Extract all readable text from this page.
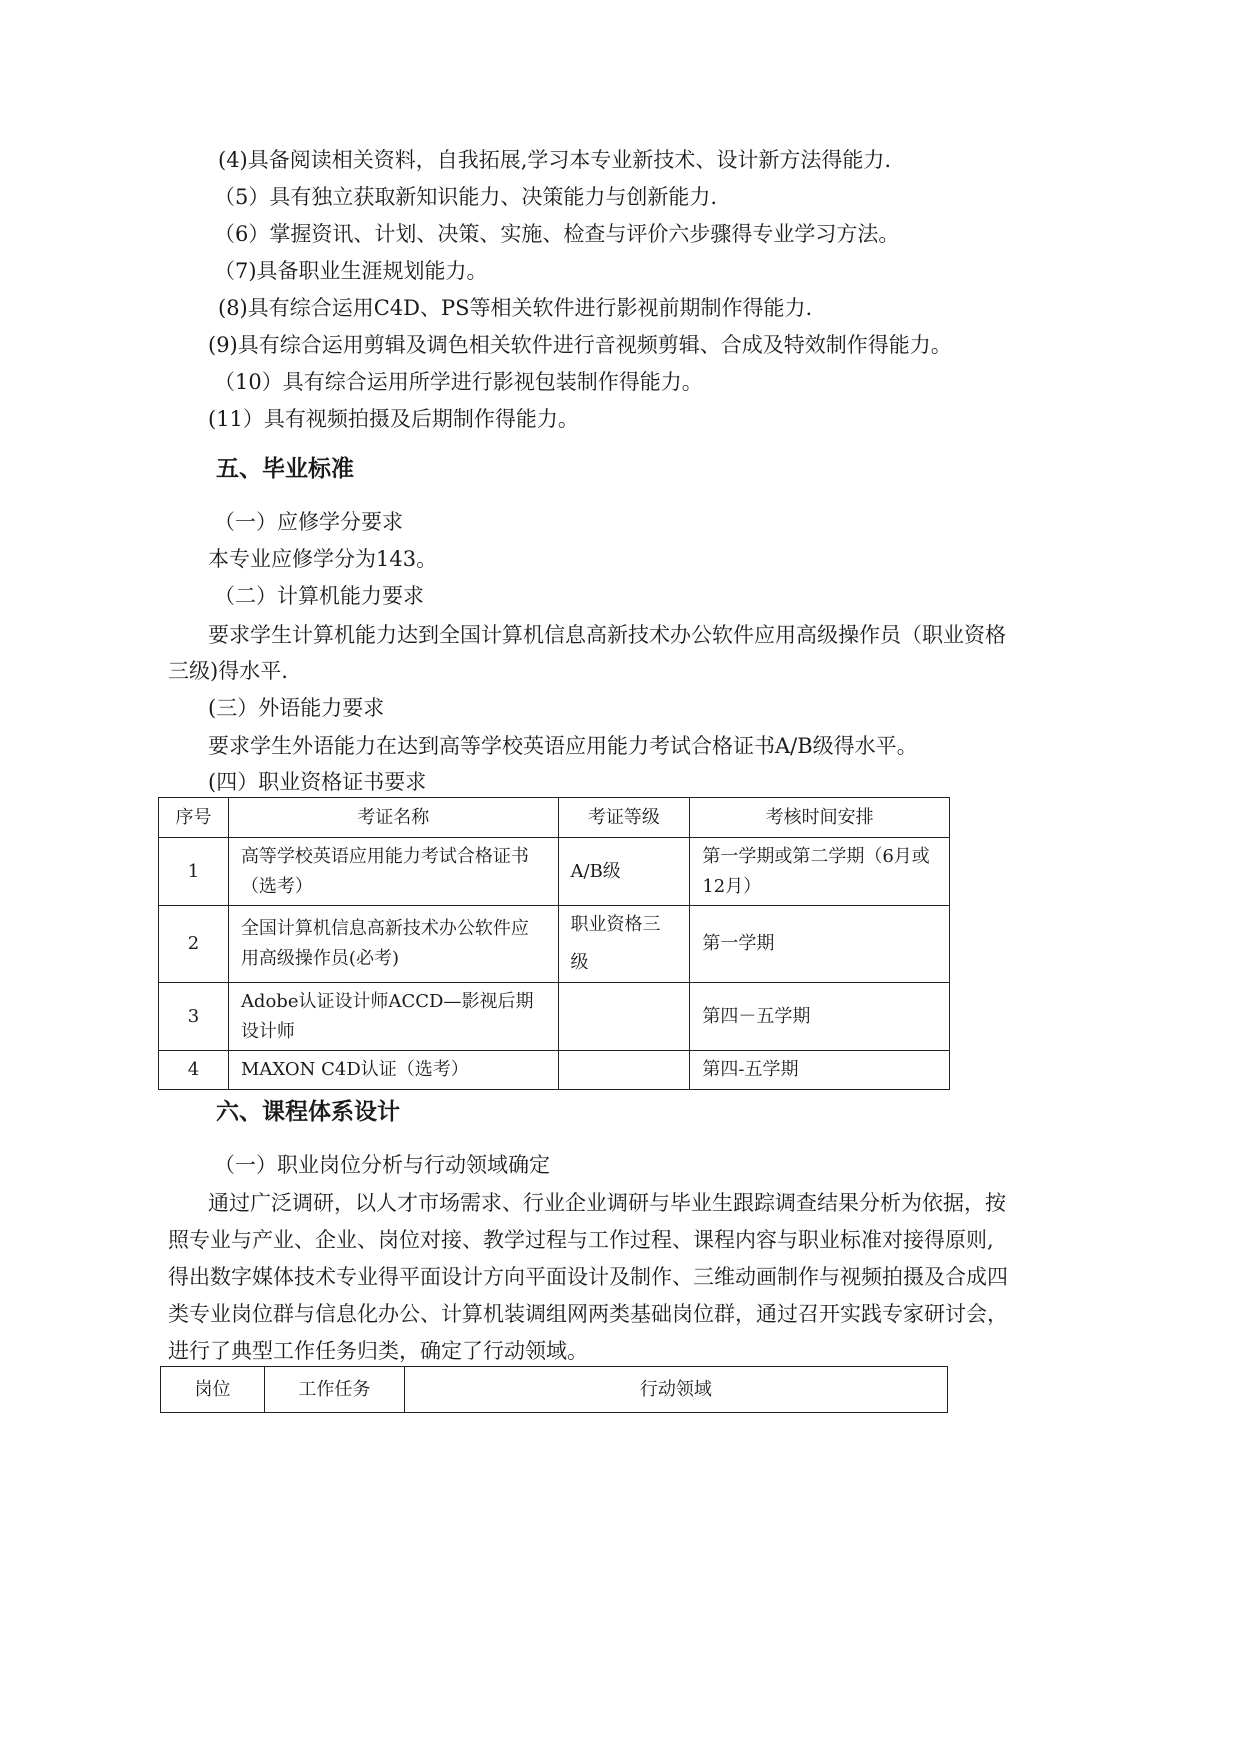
(4)具备阅读相关资料，自我拓展,学习本专业新技术、设计新方法得能力.
（5）具有独立获取新知识能力、决策能力与创新能力.
（6）掌握资讯、计划、决策、实施、检查与评价六步骤得专业学习方法。
（7)具备职业生涯规划能力。
(8)具有综合运用C4D、PS等相关软件进行影视前期制作得能力.
(9)具有综合运用剪辑及调色相关软件进行音视频剪辑、合成及特效制作得能力。
（10）具有综合运用所学进行影视包装制作得能力。
(11）具有视频拍摄及后期制作得能力。
五、毕业标准
（一）应修学分要求
本专业应修学分为143。
（二）计算机能力要求
要求学生计算机能力达到全国计算机信息高新技术办公软件应用高级操作员（职业资格
三级)得水平.
(三）外语能力要求
要求学生外语能力在达到高等学校英语应用能力考试合格证书A/B级得水平。
(四）职业资格证书要求
序号	考证名称	考证等级	考核时间安排
1	高等学校英语应用能力考试合格证书（选考）	A/B级	第一学期或第二学期（6月或12月）
2	全国计算机信息高新技术办公软件应用高级操作员(必考)	职业资格三级	第一学期
3	Adobe认证设计师ACCD—影视后期设计师		第四－五学期
4	MAXON C4D认证（选考）		第四-五学期
六、课程体系设计
（一）职业岗位分析与行动领域确定
通过广泛调研，以人才市场需求、行业企业调研与毕业生跟踪调查结果分析为依据，按
照专业与产业、企业、岗位对接、教学过程与工作过程、课程内容与职业标准对接得原则,
得出数字媒体技术专业得平面设计方向平面设计及制作、三维动画制作与视频拍摄及合成四
类专业岗位群与信息化办公、计算机装调组网两类基础岗位群，通过召开实践专家研讨会，
进行了典型工作任务归类，确定了行动领域。
岗位	工作任务	行动领域
